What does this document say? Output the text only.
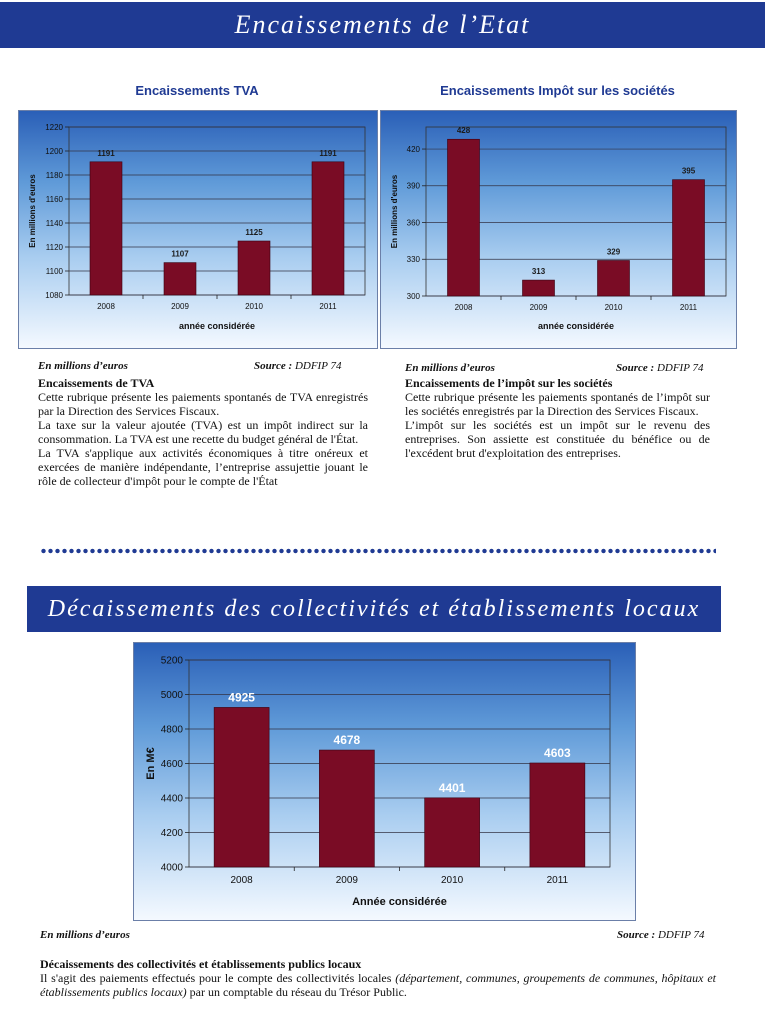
Encaissements de l’Etat
Encaissements TVA
1080
1100
1120
1140
1160
1180
1200
1220
1191
2008
1107
2009
1125
2010
1191
2011
année considérée
En millions d'euros
Encaissements Impôt sur les sociétés
300
330
360
390
420
428
2008
313
2009
329
2010
395
2011
année considérée
En millions d'euros
En millions d’euros	Source : DDFIP 74
Encaissements de TVA
Cette rubrique présente les paiements spontanés de TVA enregistrés par la Direction des Services Fiscaux.
La taxe sur la valeur ajoutée (TVA) est un impôt indirect sur la consommation. La TVA est une recette du budget général de l'État.
La TVA s'applique aux activités économiques à titre onéreux et exercées de manière indépendante, l’entreprise assujettie jouant le rôle de collecteur d'impôt pour le compte de l'État
En millions d’euros	Source : DDFIP 74
Encaissements de l’impôt sur les sociétés
Cette rubrique présente les paiements spontanés de l’impôt sur les sociétés enregistrés par la Direction des Services Fiscaux.
L’impôt sur les sociétés est un impôt sur le revenu des entreprises. Son assiette est constituée du bénéfice ou de l'excédent brut d'exploitation des entreprises.
Décaissements des collectivités et établissements locaux
4000
4200
4400
4600
4800
5000
5200
4925
2008
4678
2009
4401
2010
4603
2011
Année considérée
En M€
En millions d’euros	Source : DDFIP 74
Décaissements des collectivités et établissements publics locaux
Il s'agit des paiements effectués pour le compte des collectivités locales (département, communes, groupements de communes, hôpitaux et établissements publics locaux) par un comptable du réseau du Trésor Public.
